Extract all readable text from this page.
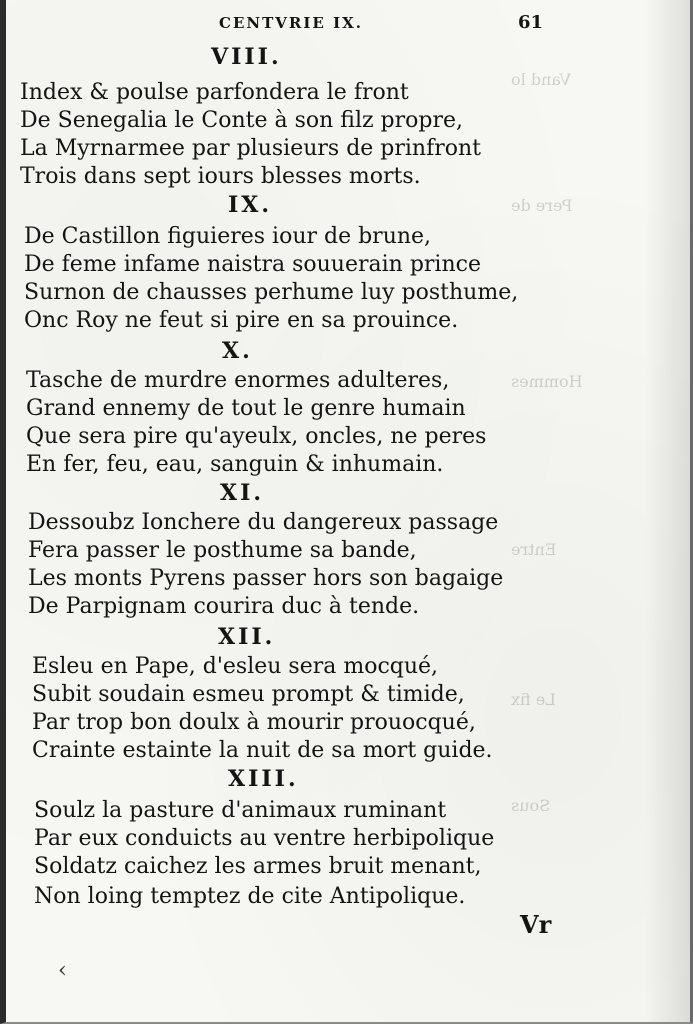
Vand lo
Pere de
Hommes
Entre
Le fix
Sous
CENTVRIE IX.	61
VIII.
Index & poulse parfondera le front
De Senegalia le Conte à son filz propre,
La Myrnarmee par plusieurs de prinfront
Trois dans sept iours blesses morts.
IX.
De Castillon figuieres iour de brune,
De feme infame naistra souuerain prince
Surnon de chausses perhume luy posthume,
Onc Roy ne feut si pire en sa prouince.
X.
Tasche de murdre enormes adulteres,
Grand ennemy de tout le genre humain
Que sera pire qu'ayeulx, oncles, ne peres
En fer, feu, eau, sanguin & inhumain.
XI.
Dessoubz Ionchere du dangereux passage
Fera passer le posthume sa bande,
Les monts Pyrens passer hors son bagaige
De Parpignam courira duc à tende.
XII.
Esleu en Pape, d'esleu sera mocqué,
Subit soudain esmeu prompt & timide,
Par trop bon doulx à mourir prouocqué,
Crainte estainte la nuit de sa mort guide.
XIII.
Soulz la pasture d'animaux ruminant
Par eux conduicts au ventre herbipolique
Soldatz caichez les armes bruit menant,
Non loing temptez de cite Antipolique.
Vr
‹
